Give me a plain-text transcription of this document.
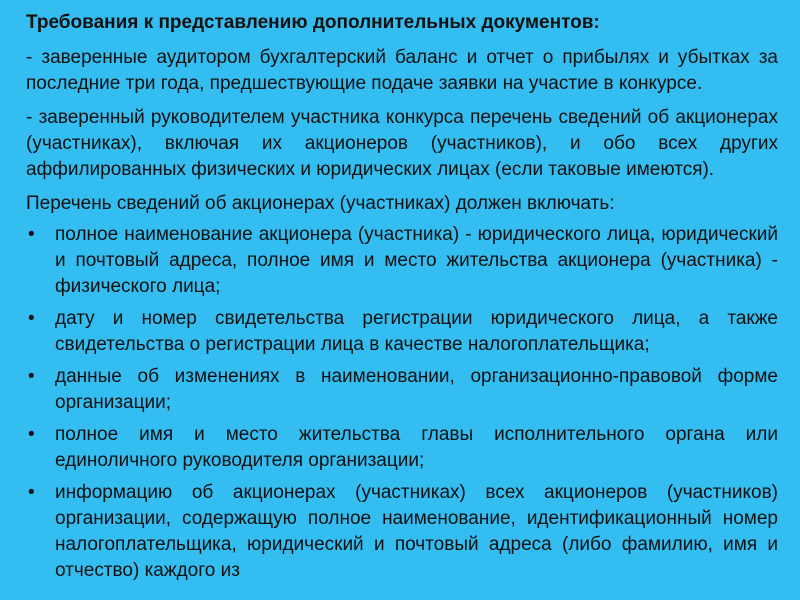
Требования к представлению дополнительных документов:

- заверенные аудитором бухгалтерский баланс и отчет о прибылях и убытках за последние три года, предшествующие подаче заявки на участие в конкурсе.

- заверенный руководителем участника конкурса перечень сведений об акционерах (участниках), включая их акционеров (участников), и обо всех других аффилированных физических и юридических лицах (если таковые имеются).

Перечень сведений об акционерах (участниках) должен включать:

• полное наименование акционера (участника) - юридического лица, юридический и почтовый адреса, полное имя и место жительства акционера (участника) - физического лица;
• дату и номер свидетельства регистрации юридического лица, а также свидетельства о регистрации лица в качестве налогоплательщика;
• данные об изменениях в наименовании, организационно-правовой форме организации;
• полное имя и место жительства главы исполнительного органа или единоличного руководителя организации;
• информацию об акционерах (участниках) всех акционеров (участников) организации, содержащую полное наименование, идентификационный номер налогоплательщика, юридический и почтовый адреса (либо фамилию, имя и отчество) каждого из
